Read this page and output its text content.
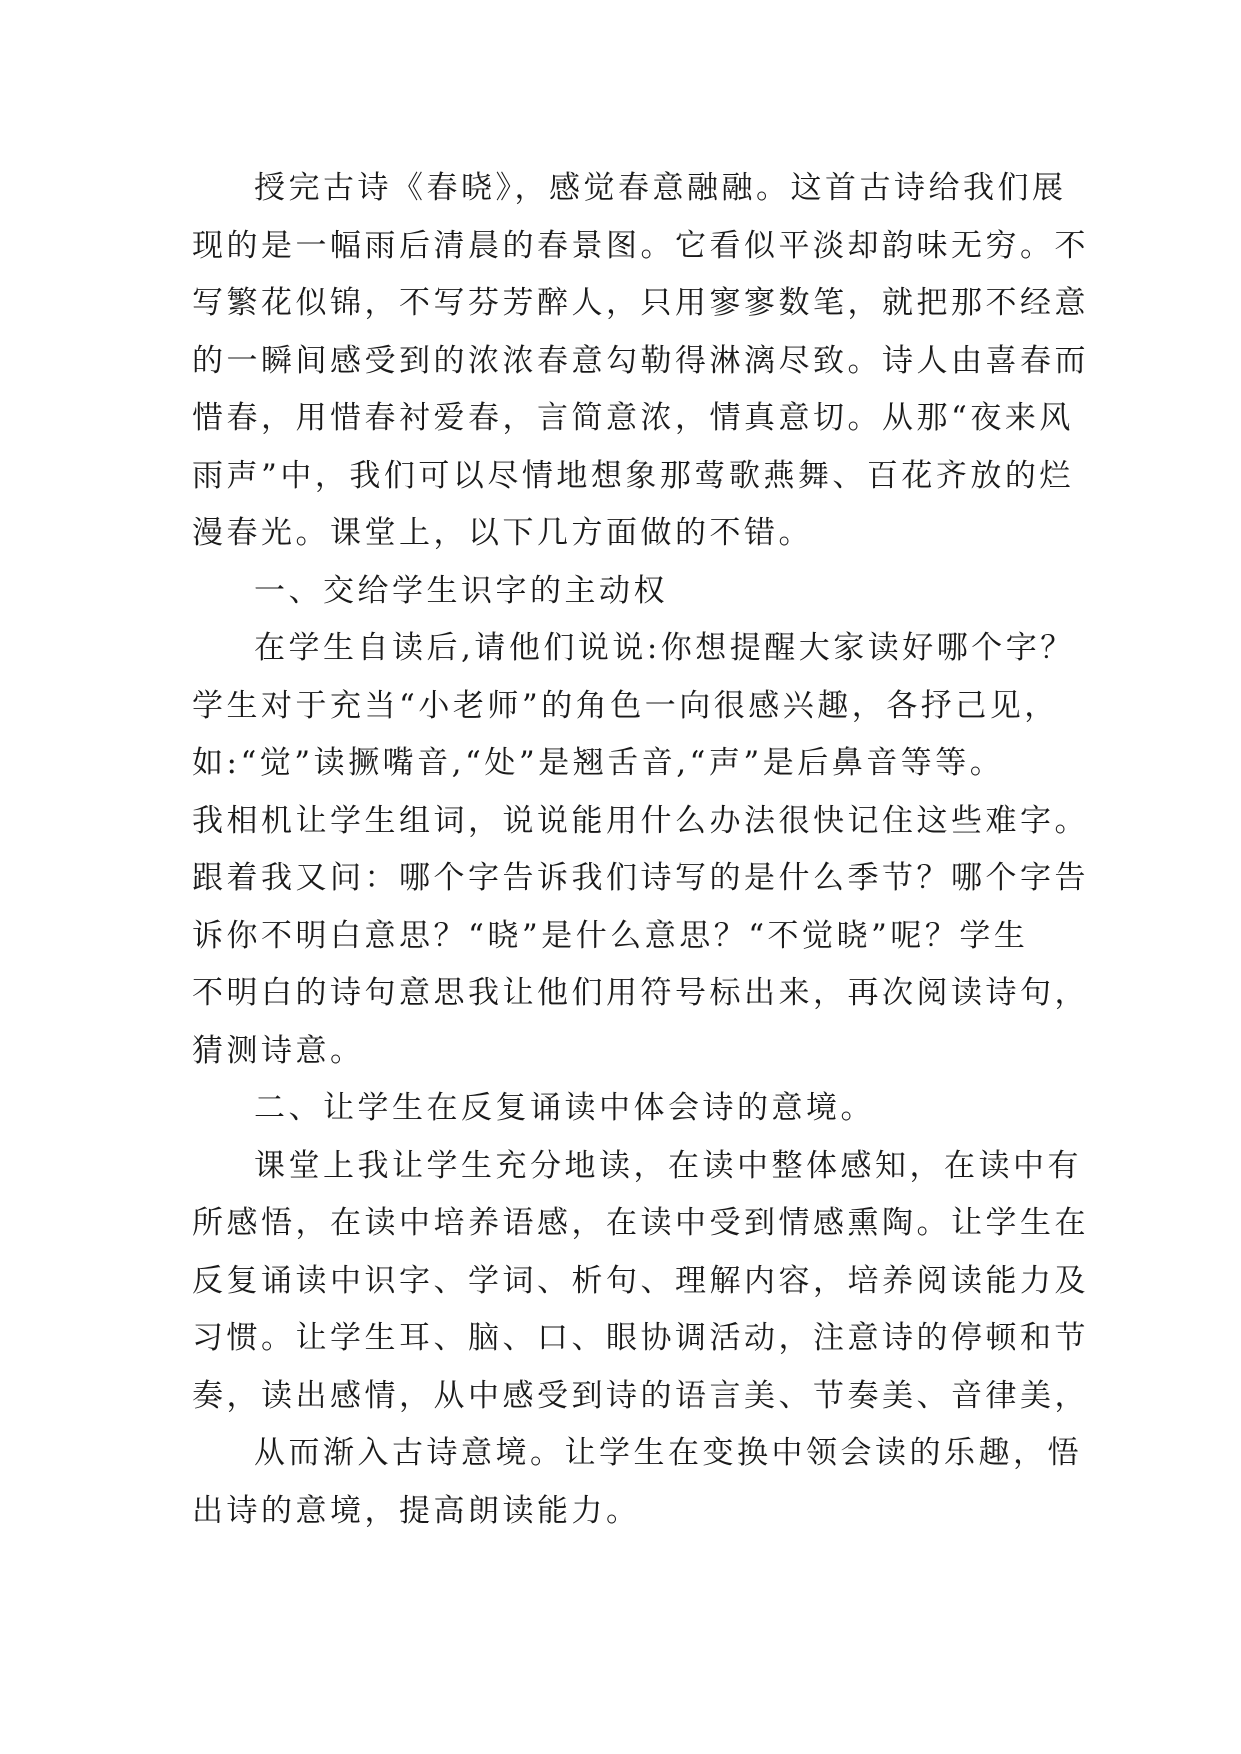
授完古诗《春晓》，感觉春意融融。这首古诗给我们展
现的是一幅雨后清晨的春景图。它看似平淡却韵味无穷。不
写繁花似锦，不写芬芳醉人，只用寥寥数笔，就把那不经意
的一瞬间感受到的浓浓春意勾勒得淋漓尽致。诗人由喜春而
惜春，用惜春衬爱春，言简意浓，情真意切。从那“夜来风
雨声”中，我们可以尽情地想象那莺歌燕舞、百花齐放的烂
漫春光。课堂上，以下几方面做的不错。

一、交给学生识字的主动权

在学生自读后,请他们说说:你想提醒大家读好哪个字？
学生对于充当“小老师”的角色一向很感兴趣，各抒己见，
如:“觉”读撅嘴音,“处”是翘舌音,“声”是后鼻音等等。
我相机让学生组词，说说能用什么办法很快记住这些难字。
跟着我又问：哪个字告诉我们诗写的是什么季节？哪个字告
诉你不明白意思？“晓”是什么意思？“不觉晓”呢？学生
不明白的诗句意思我让他们用符号标出来，再次阅读诗句，
猜测诗意。

二、让学生在反复诵读中体会诗的意境。

课堂上我让学生充分地读，在读中整体感知，在读中有
所感悟，在读中培养语感，在读中受到情感熏陶。让学生在
反复诵读中识字、学词、析句、理解内容，培养阅读能力及
习惯。让学生耳、脑、口、眼协调活动，注意诗的停顿和节
奏，读出感情，从中感受到诗的语言美、节奏美、音律美，

从而渐入古诗意境。让学生在变换中领会读的乐趣，悟
出诗的意境，提高朗读能力。
